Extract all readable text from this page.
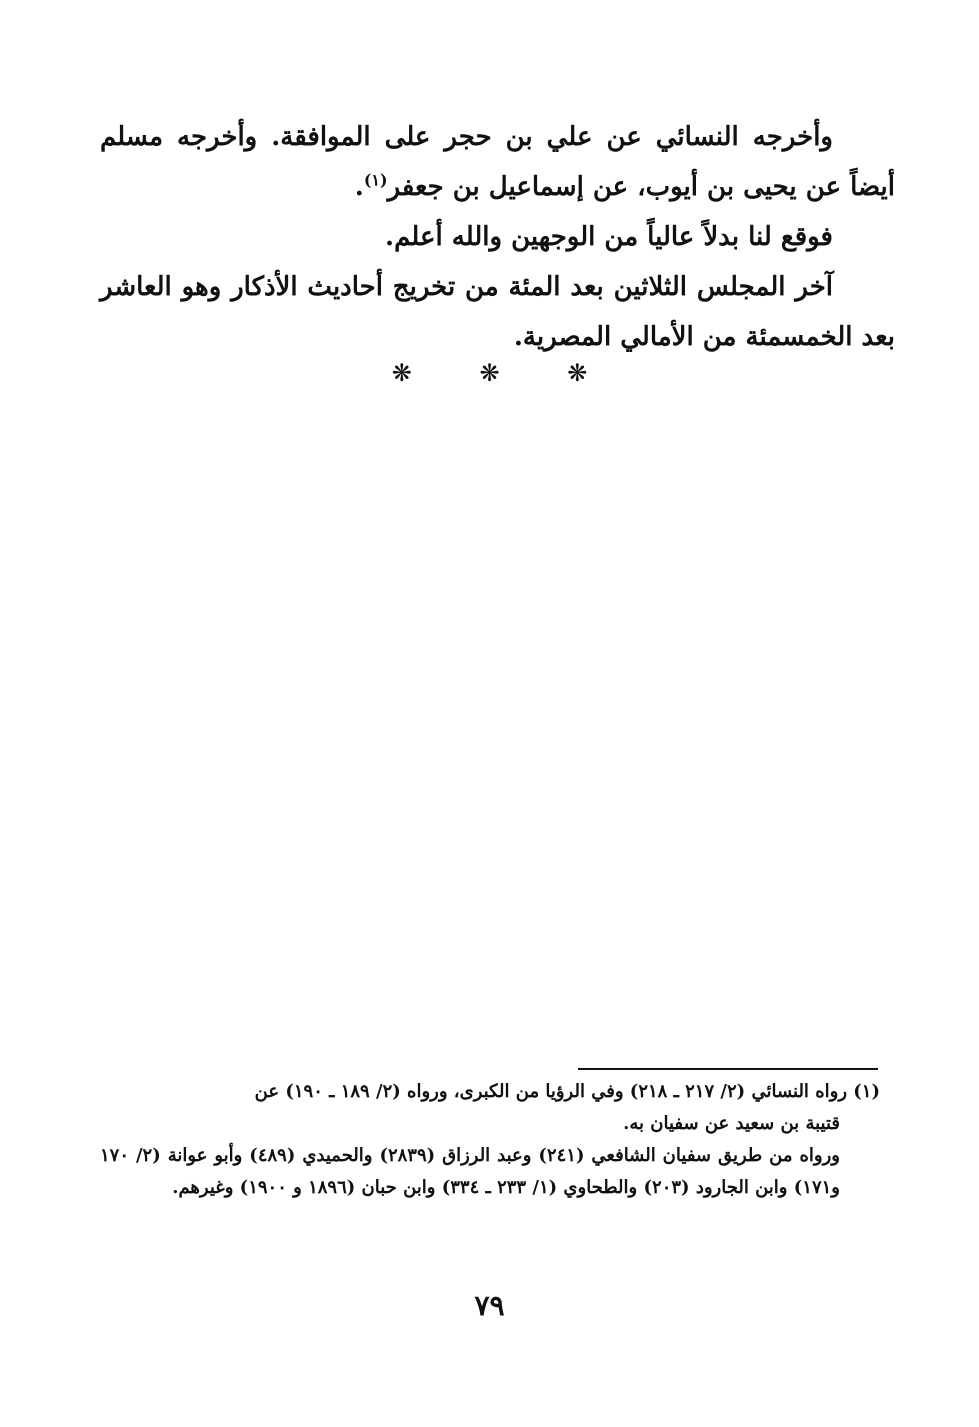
وأخرجه النسائي عن علي بن حجر على الموافقة. وأخرجه مسلم أيضاً عن يحيى بن أيوب، عن إسماعيل بن جعفر$^{(١)}$.

فوقع لنا بدلاً عالياً من الوجهين والله أعلم.

آخر المجلس الثلاثين بعد المئة من تخريج أحاديث الأذكار وهو العاشر بعد الخمسمئة من الأمالي المصرية.

❋	❋	❋

(١) رواه النسائي (٢/ ٢١٧ ـ ٢١٨) وفي الرؤيا من الكبرى، ورواه (٢/ ١٨٩ ـ ١٩٠) عن

قتيبة بن سعيد عن سفيان به.

ورواه من طريق سفيان الشافعي (٢٤١) وعبد الرزاق (٢٨٣٩) والحميدي (٤٨٩) وأبو عوانة (٢/ ١٧٠ و١٧١) وابن الجارود (٢٠٣) والطحاوي (١/ ٢٣٣ ـ ٣٣٤) وابن حبان (١٨٩٦ و ١٩٠٠) وغيرهم.

٧٩
